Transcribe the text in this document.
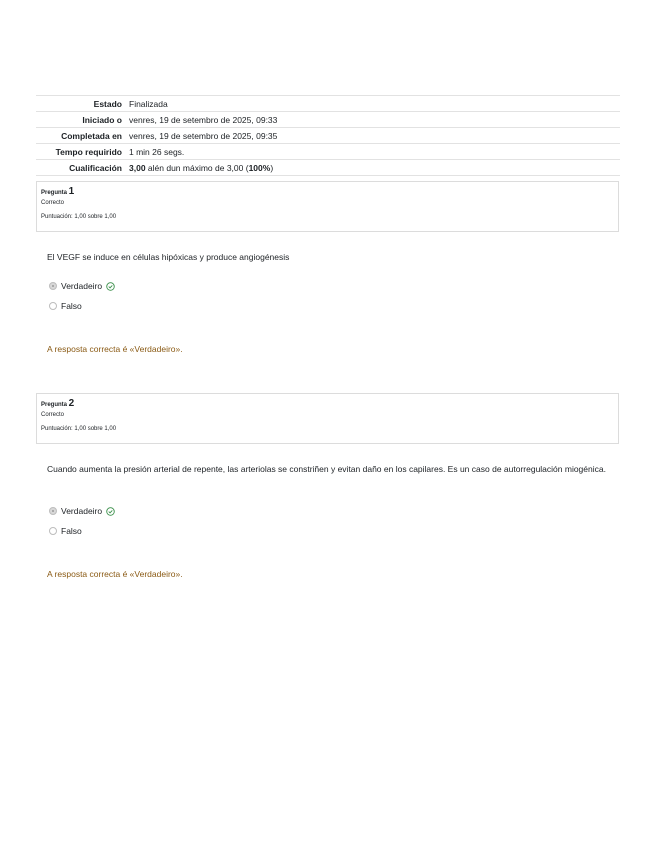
Estado	Finalizada
Iniciado o	venres, 19 de setembro de 2025, 09:33
Completada en	venres, 19 de setembro de 2025, 09:35
Tempo requirido	1 min 26 segs.
Cualificación	3,00 alén dun máximo de 3,00 (100%)
Pregunta 1
Correcto
Puntuación: 1,00 sobre 1,00
El VEGF se induce en células hipóxicas y produce angiogénesis
Verdadeiro
Falso
A resposta correcta é «Verdadeiro».
Pregunta 2
Correcto
Puntuación: 1,00 sobre 1,00
Cuando aumenta la presión arterial de repente, las arteriolas se constriñen y evitan daño en los capilares. Es un caso de autorregulación miogénica.
Verdadeiro
Falso
A resposta correcta é «Verdadeiro».
